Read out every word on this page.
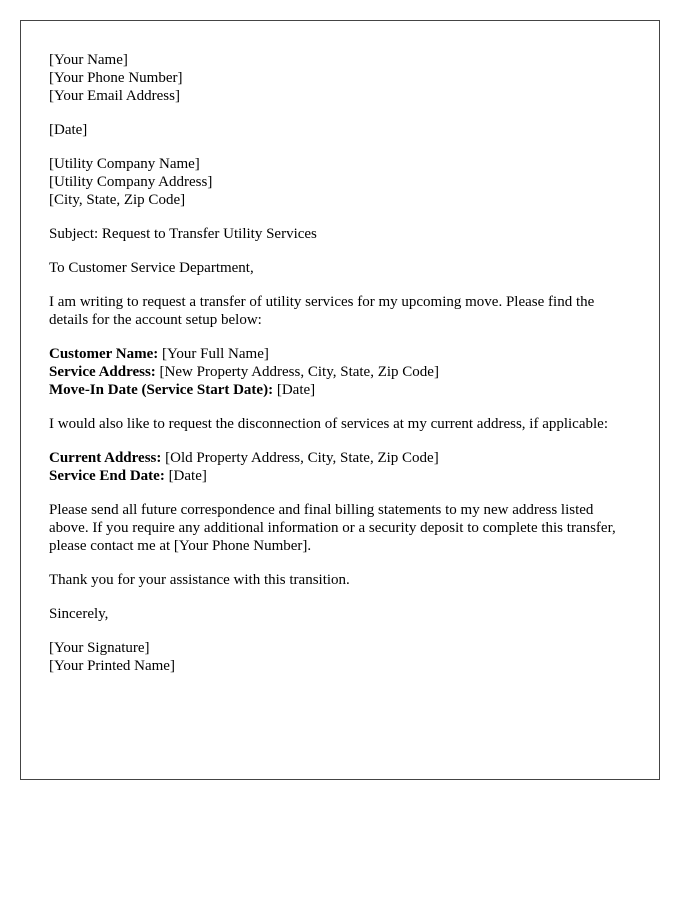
[Your Name]
[Your Phone Number]
[Your Email Address]
[Date]
[Utility Company Name]
[Utility Company Address]
[City, State, Zip Code]

Subject: Request to Transfer Utility Services

To Customer Service Department,

I am writing to request a transfer of utility services for my upcoming move. Please find the details for the account setup below:

Customer Name: [Your Full Name]
Service Address: [New Property Address, City, State, Zip Code]
Move-In Date (Service Start Date): [Date]

I would also like to request the disconnection of services at my current address, if applicable:

Current Address: [Old Property Address, City, State, Zip Code]
Service End Date: [Date]

Please send all future correspondence and final billing statements to my new address listed above. If you require any additional information or a security deposit to complete this transfer, please contact me at [Your Phone Number].

Thank you for your assistance with this transition.

Sincerely,

[Your Signature]
[Your Printed Name]
